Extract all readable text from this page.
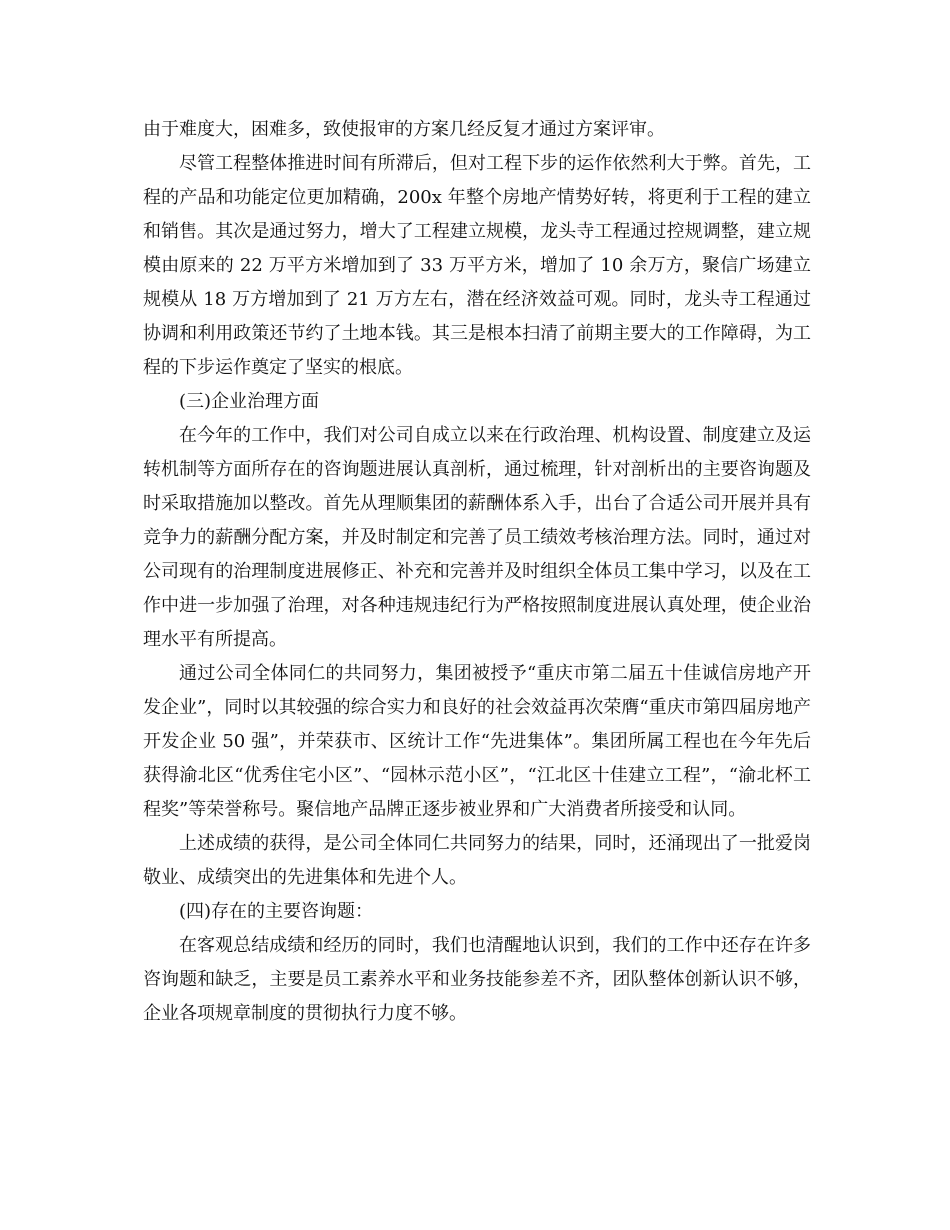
由于难度大，困难多，致使报审的方案几经反复才通过方案评审。

尽管工程整体推进时间有所滞后，但对工程下步的运作依然利大于弊。首先，工程的产品和功能定位更加精确，200x 年整个房地产情势好转，将更利于工程的建立和销售。其次是通过努力，增大了工程建立规模，龙头寺工程通过控规调整，建立规模由原来的 22 万平方米增加到了 33 万平方米，增加了 10 余万方，聚信广场建立规模从 18 万方增加到了 21 万方左右，潜在经济效益可观。同时，龙头寺工程通过协调和利用政策还节约了土地本钱。其三是根本扫清了前期主要大的工作障碍，为工程的下步运作奠定了坚实的根底。

(三)企业治理方面

在今年的工作中，我们对公司自成立以来在行政治理、机构设置、制度建立及运转机制等方面所存在的咨询题进展认真剖析，通过梳理，针对剖析出的主要咨询题及时采取措施加以整改。首先从理顺集团的薪酬体系入手，出台了合适公司开展并具有竞争力的薪酬分配方案，并及时制定和完善了员工绩效考核治理方法。同时，通过对公司现有的治理制度进展修正、补充和完善并及时组织全体员工集中学习，以及在工作中进一步加强了治理，对各种违规违纪行为严格按照制度进展认真处理，使企业治理水平有所提高。

通过公司全体同仁的共同努力，集团被授予“重庆市第二届五十佳诚信房地产开发企业”，同时以其较强的综合实力和良好的社会效益再次荣膺“重庆市第四届房地产开发企业 50 强”，并荣获市、区统计工作“先进集体”。集团所属工程也在今年先后获得渝北区“优秀住宅小区”、“园林示范小区”，“江北区十佳建立工程”，“渝北杯工程奖”等荣誉称号。聚信地产品牌正逐步被业界和广大消费者所接受和认同。

上述成绩的获得，是公司全体同仁共同努力的结果，同时，还涌现出了一批爱岗敬业、成绩突出的先进集体和先进个人。

(四)存在的主要咨询题：

在客观总结成绩和经历的同时，我们也清醒地认识到，我们的工作中还存在许多咨询题和缺乏，主要是员工素养水平和业务技能参差不齐，团队整体创新认识不够，企业各项规章制度的贯彻执行力度不够。
